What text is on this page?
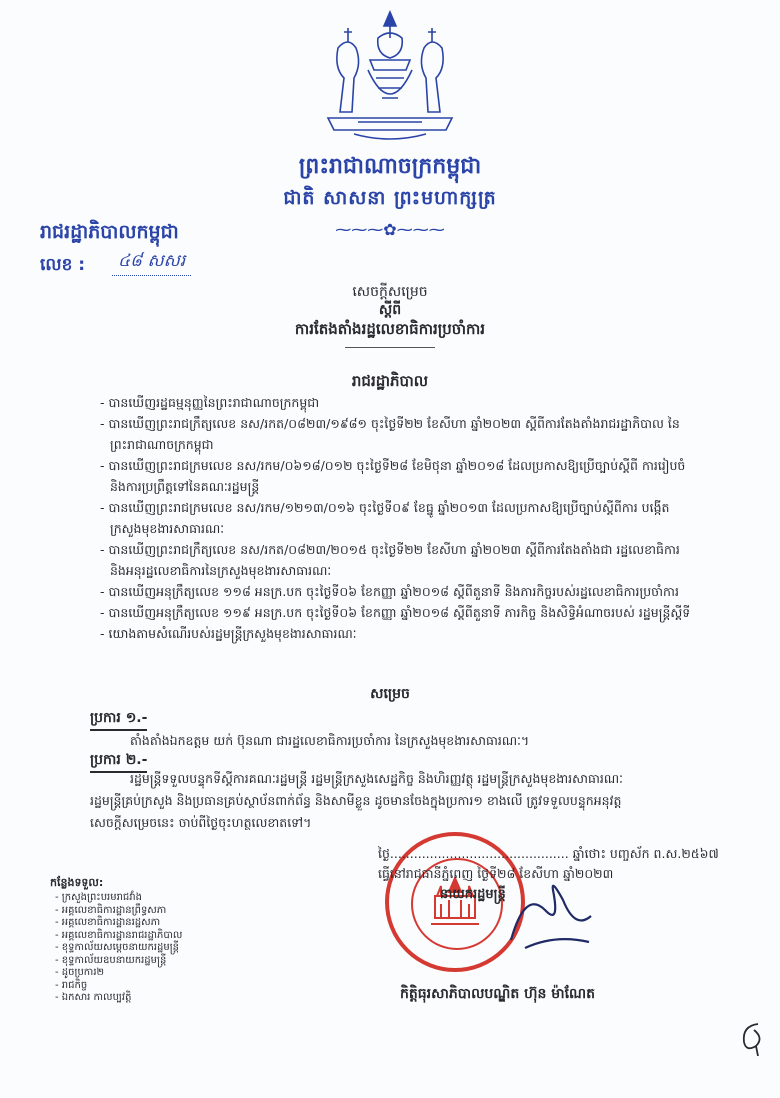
ព្រះរាជាណាចក្រកម្ពុជា
ជាតិ សាសនា ព្រះមហាក្សត្រ
⁓⁓⁓✿⁓⁓⁓
រាជរដ្ឋាភិបាលកម្ពុជា
លេខ :	៤៨ សសរ
សេចក្ដីសម្រេច
ស្ដីពី
ការតែងតាំងរដ្ឋលេខាធិការប្រចាំការ
រាជរដ្ឋាភិបាល
- បានឃើញរដ្ឋធម្មនុញ្ញនៃព្រះរាជាណាចក្រកម្ពុជា
- បានឃើញព្រះរាជក្រឹត្យលេខ នស/រកត/០៨២៣/១៩៨១ ចុះថ្ងៃទី២២ ខែសីហា ឆ្នាំ២០២៣ ស្ដីពីការតែងតាំងរាជរដ្ឋាភិបាល នៃព្រះរាជាណាចក្រកម្ពុជា
- បានឃើញព្រះរាជក្រមលេខ នស/រកម/០៦១៨/០១២ ចុះថ្ងៃទី២៨ ខែមិថុនា ឆ្នាំ២០១៨ ដែលប្រកាសឱ្យប្រើច្បាប់ស្ដីពី ការរៀបចំ និងការប្រព្រឹត្តទៅនៃគណៈរដ្ឋមន្ត្រី
- បានឃើញព្រះរាជក្រមលេខ នស/រកម/១២១៣/០១៦ ចុះថ្ងៃទី០៩ ខែធ្នូ ឆ្នាំ២០១៣ ដែលប្រកាសឱ្យប្រើច្បាប់ស្ដីពីការ បង្កើតក្រសួងមុខងារសាធារណៈ
- បានឃើញព្រះរាជក្រឹត្យលេខ នស/រកត/០៨២៣/២០១៥ ចុះថ្ងៃទី២២ ខែសីហា ឆ្នាំ២០២៣ ស្ដីពីការតែងតាំងជា រដ្ឋលេខាធិការ និងអនុរដ្ឋលេខាធិការនៃក្រសួងមុខងារសាធារណៈ
- បានឃើញអនុក្រឹត្យលេខ ១១៨ អនក្រ.បក ចុះថ្ងៃទី០៦ ខែកញ្ញា ឆ្នាំ២០១៨ ស្ដីពីតួនាទី និងភារកិច្ចរបស់រដ្ឋលេខាធិការប្រចាំការ
- បានឃើញអនុក្រឹត្យលេខ ១១៩ អនក្រ.បក ចុះថ្ងៃទី០៦ ខែកញ្ញា ឆ្នាំ២០១៨ ស្ដីពីតួនាទី ភារកិច្ច និងសិទ្ធិអំណាចរបស់ រដ្ឋមន្ត្រីស្ដីទី
- យោងតាមសំណើរបស់រដ្ឋមន្ត្រីក្រសួងមុខងារសាធារណៈ
សម្រេច
ប្រការ ១.-
តាំងតាំងឯកឧត្តម យក់ ប៊ុនណា ជារដ្ឋលេខាធិការប្រចាំការ នៃក្រសួងមុខងារសាធារណៈ។
ប្រការ ២.-
រដ្ឋមន្ត្រីទទួលបន្ទុកទីស្ដីការគណៈរដ្ឋមន្ត្រី រដ្ឋមន្ត្រីក្រសួងសេដ្ឋកិច្ច និងហិរញ្ញវត្ថុ រដ្ឋមន្ត្រីក្រសួងមុខងារសាធារណៈ
រដ្ឋមន្ត្រីគ្រប់ក្រសួង និងប្រធានគ្រប់ស្ថាប័នពាក់ព័ន្ធ និងសាមីខ្លួន ដូចមានចែងក្នុងប្រការ១ ខាងលើ ត្រូវទទួលបន្ទុកអនុវត្ត
សេចក្ដីសម្រេចនេះ ចាប់ពីថ្ងៃចុះហត្ថលេខាតទៅ។
ថ្ងៃ............................................. ឆ្នាំថោះ បញ្ចស័ក ព.ស.២៥៦៧
ធ្វើនៅរាជធានីភ្នំពេញ ថ្ងៃទី២៨ ខែសីហា ឆ្នាំ២០២៣
នាយករដ្ឋមន្ត្រី
កិត្តិធុរសាភិបាលបណ្ឌិត ហ៊ុន ម៉ាណែត
កន្លែងទទួល:
- ក្រសួងព្រះបរមរាជវាំង
- អគ្គលេខាធិការដ្ឋានព្រឹទ្ធសភា
- អគ្គលេខាធិការដ្ឋានរដ្ឋសភា
- អគ្គលេខាធិការដ្ឋានរាជរដ្ឋាភិបាល
- ខុទ្ទកាល័យសម្ដេចនាយករដ្ឋមន្ត្រី
- ខុទ្ទកាល័យឧបនាយករដ្ឋមន្ត្រី
- ដូចប្រការ២
- រាជកិច្ច
- ឯកសារ កាលប្បវត្តិ
